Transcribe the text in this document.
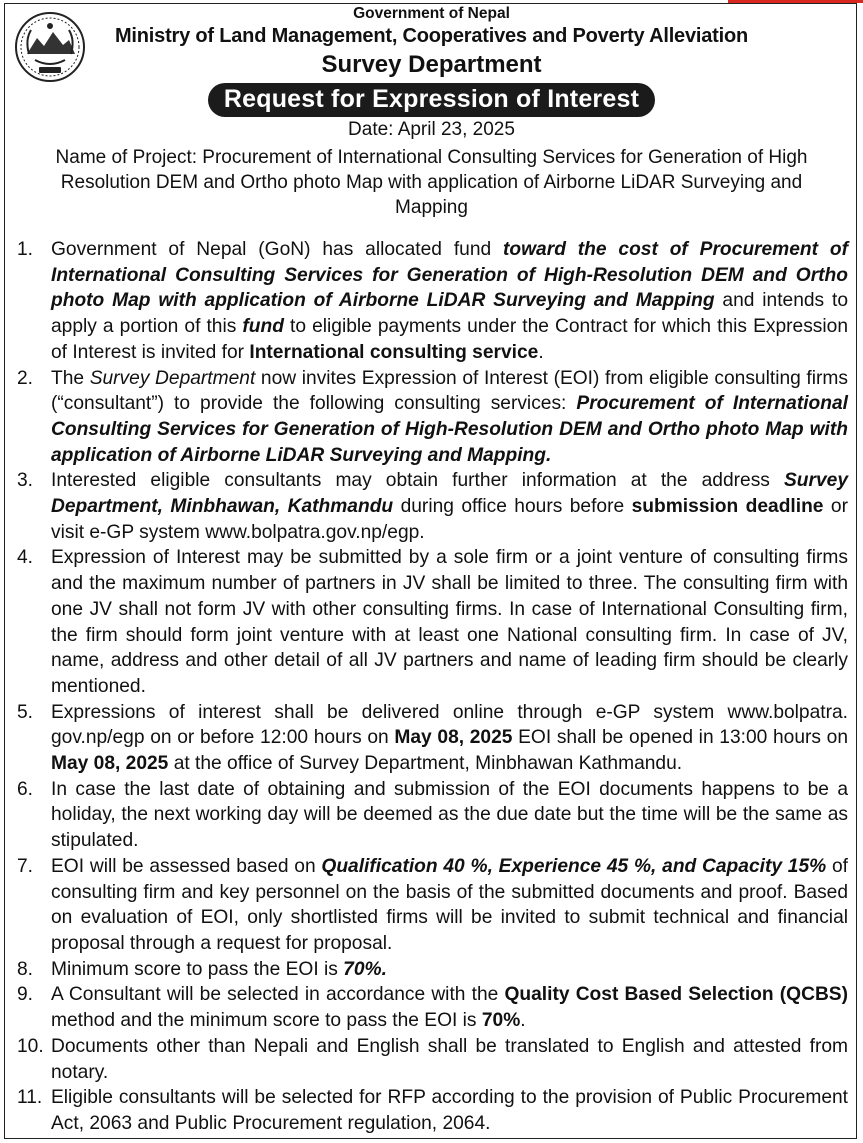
Government of Nepal
Ministry of Land Management, Cooperatives and Poverty Alleviation
Survey Department
Request for Expression of Interest
Date: April 23, 2025
Name of Project: Procurement of International Consulting Services for Generation of High Resolution DEM and Ortho photo Map with application of Airborne LiDAR Surveying and Mapping
1. Government of Nepal (GoN) has allocated fund toward the cost of Procurement of International Consulting Services for Generation of High-Resolution DEM and Ortho photo Map with application of Airborne LiDAR Surveying and Mapping and intends to apply a portion of this fund to eligible payments under the Contract for which this Expression of Interest is invited for International consulting service.
2. The Survey Department now invites Expression of Interest (EOI) from eligible consulting firms (“consultant”) to provide the following consulting services: Procurement of International Consulting Services for Generation of High-Resolution DEM and Ortho photo Map with application of Airborne LiDAR Surveying and Mapping.
3. Interested eligible consultants may obtain further information at the address Survey Department, Minbhawan, Kathmandu during office hours before submission deadline or visit e-GP system www.bolpatra.gov.np/egp.
4. Expression of Interest may be submitted by a sole firm or a joint venture of consulting firms and the maximum number of partners in JV shall be limited to three. The consulting firm with one JV shall not form JV with other consulting firms. In case of International Consulting firm, the firm should form joint venture with at least one National consulting firm. In case of JV, name, address and other detail of all JV partners and name of leading firm should be clearly mentioned.
5. Expressions of interest shall be delivered online through e-GP system www.bolpatra. gov.np/egp on or before 12:00 hours on May 08, 2025 EOI shall be opened in 13:00 hours on May 08, 2025 at the office of Survey Department, Minbhawan Kathmandu.
6. In case the last date of obtaining and submission of the EOI documents happens to be a holiday, the next working day will be deemed as the due date but the time will be the same as stipulated.
7. EOI will be assessed based on Qualification 40 %, Experience 45 %, and Capacity 15% of consulting firm and key personnel on the basis of the submitted documents and proof. Based on evaluation of EOI, only shortlisted firms will be invited to submit technical and financial proposal through a request for proposal.
8. Minimum score to pass the EOI is 70%.
9. A Consultant will be selected in accordance with the Quality Cost Based Selection (QCBS) method and the minimum score to pass the EOI is 70%.
10. Documents other than Nepali and English shall be translated to English and attested from notary.
11. Eligible consultants will be selected for RFP according to the provision of Public Procurement Act, 2063 and Public Procurement regulation, 2064.
